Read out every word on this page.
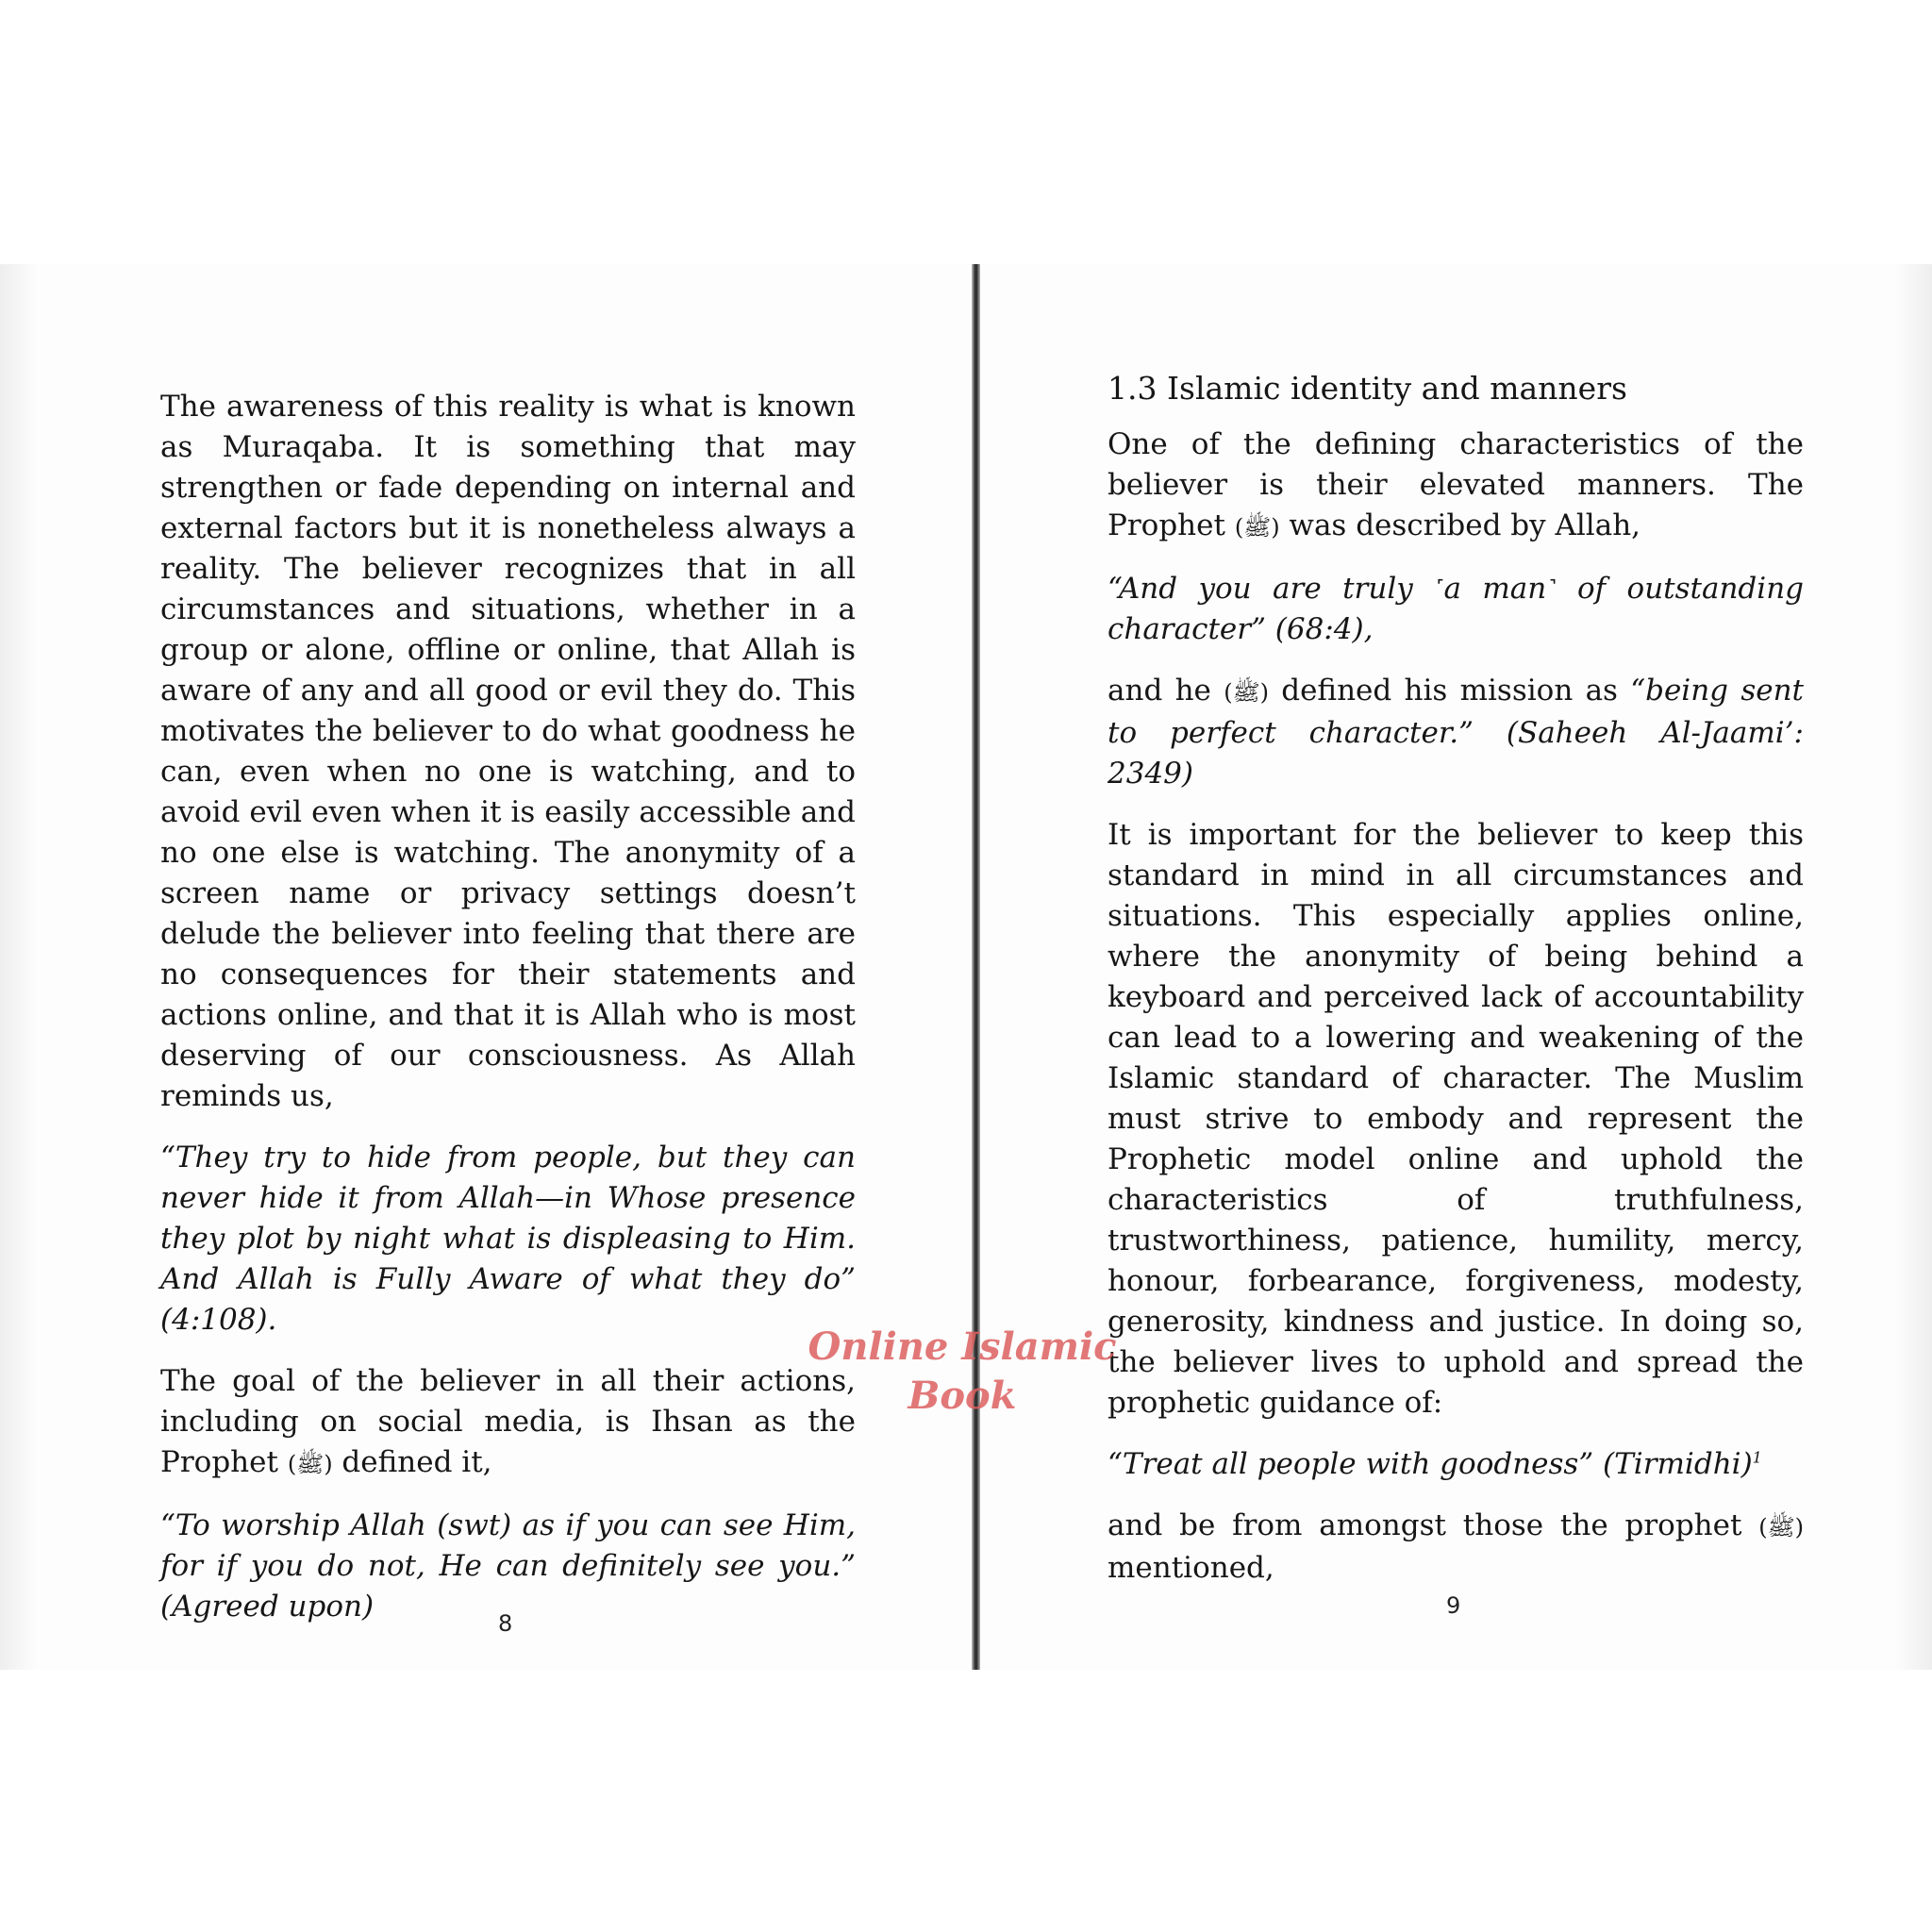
The awareness of this reality is what is known as Muraqaba. It is something that may strengthen or fade depending on internal and external factors but it is nonetheless always a reality. The believer recognizes that in all circumstances and situations, whether in a group or alone, offline or online, that Allah is aware of any and all good or evil they do. This motivates the believer to do what goodness he can, even when no one is watching, and to avoid evil even when it is easily accessible and no one else is watching. The anonymity of a screen name or privacy settings doesn’t delude the believer into feeling that there are no consequences for their statements and actions online, and that it is Allah who is most deserving of our consciousness. As Allah reminds us,

“They try to hide from people, but they can never hide it from Allah—in Whose presence they plot by night what is displeasing to Him. And Allah is Fully Aware of what they do” (4:108).

The goal of the believer in all their actions, including on social media, is Ihsan as the Prophet (ﷺ) defined it,

“To worship Allah (swt) as if you can see Him, for if you do not, He can definitely see you.” (Agreed upon)	8
1.3 Islamic identity and manners

One of the defining characteristics of the believer is their elevated manners. The Prophet (ﷺ) was described by Allah,

“And you are truly ˹a man˺ of outstanding character” (68:4),

and he (ﷺ) defined his mission as “being sent to perfect character.” (Saheeh Al-Jaami’: 2349)

It is important for the believer to keep this standard in mind in all circumstances and situations. This especially applies online, where the anonymity of being behind a keyboard and perceived lack of accountability can lead to a lowering and weakening of the Islamic standard of character. The Muslim must strive to embody and represent the Prophetic model online and uphold the characteristics of truthfulness, trustworthiness, patience, humility, mercy, honour, forbearance, forgiveness, modesty, generosity, kindness and justice. In doing so, the believer lives to uphold and spread the prophetic guidance of:

“Treat all people with goodness” (Tirmidhi)$^1$

and be from amongst those the prophet (ﷺ) mentioned,

9
Online Islamic
Book
